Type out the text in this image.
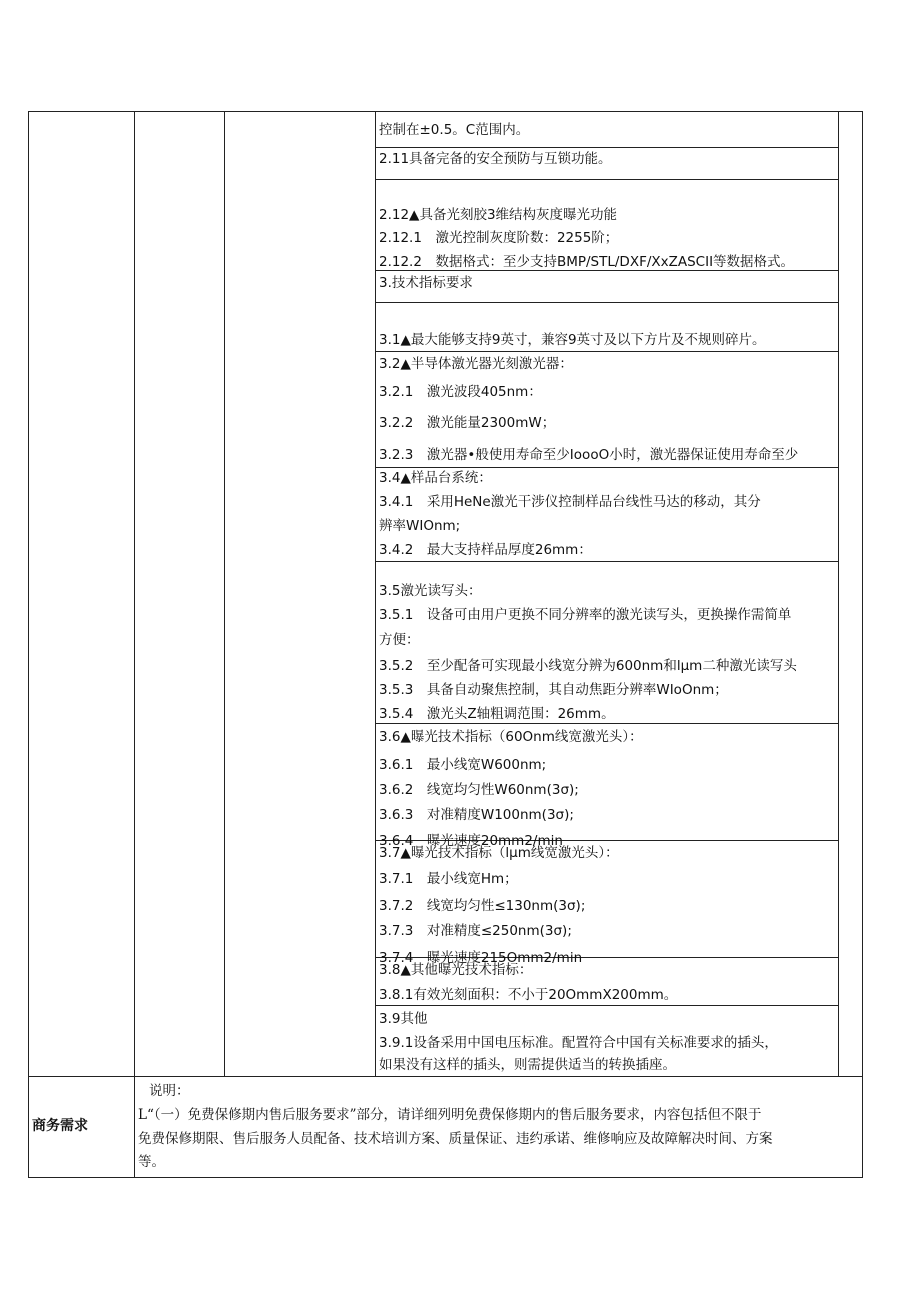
控制在±0.5。C范围内。
2.11具备完备的安全预防与互锁功能。
2.12▲具备光刻胶3维结构灰度曝光功能
2.12.1　激光控制灰度阶数：2255阶；
2.12.2　数据格式：至少支持BMP/STL/DXF/XxZASCII等数据格式。
3.技术指标要求
3.1▲最大能够支持9英寸，兼容9英寸及以下方片及不规则碎片。
3.2▲半导体激光器光刻激光器：
3.2.1　激光波段405nm：
3.2.2　激光能量2300mW；
3.2.3　激光器•般使用寿命至少IoooO小时，激光器保证使用寿命至少
3.4▲样品台系统：
3.4.1　采用HeNe激光干涉仪控制样品台线性马达的移动，其分
辨率WIOnm;
3.4.2　最大支持样品厚度26mm：
3.5激光读写头：
3.5.1　设备可由用户更换不同分辨率的激光读写头，更换操作需简单
方便：
3.5.2　至少配备可实现最小线宽分辨为600nm和lμm二种激光读写头
3.5.3　具备自动聚焦控制，其自动焦距分辨率WIoOnm；
3.5.4　激光头Z轴粗调范围：26mm。
3.6▲曝光技术指标（60Onm线宽激光头）：
3.6.1　最小线宽W600nm;
3.6.2　线宽均匀性W60nm(3σ);
3.6.3　对准精度W100nm(3σ);
3.6.4　曝光速度20mm2/min
3.7▲曝光技术指标（lμm线宽激光头）：
3.7.1　最小线宽Hm；
3.7.2　线宽均匀性≤130nm(3σ);
3.7.3　对准精度≤250nm(3σ);
3.7.4　曝光速度215Omm2/min
3.8▲其他曝光技术指标：
3.8.1有效光刻面积：不小于20OmmX200mm。
3.9其他
3.9.1设备采用中国电压标准。配置符合中国有关标准要求的插头，
如果没有这样的插头，则需提供适当的转换插座。
商务需求
说明：
L“（一）免费保修期内售后服务要求”部分，请详细列明免费保修期内的售后服务要求，内容包括但不限于
免费保修期限、售后服务人员配备、技术培训方案、质量保证、违约承诺、维修响应及故障解决时间、方案
等。
